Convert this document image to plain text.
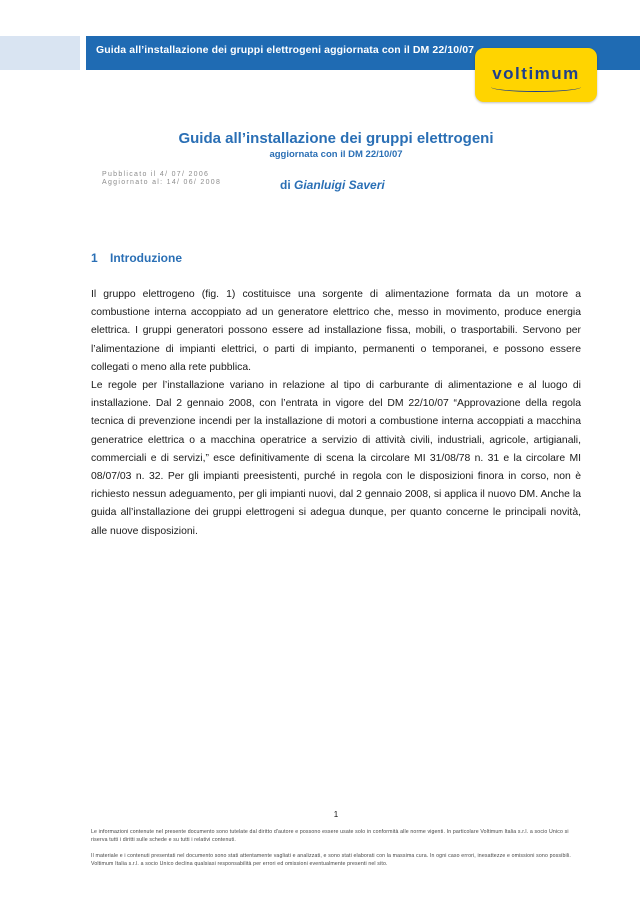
Guida all’installazione dei gruppi elettrogeni aggiornata con il DM 22/10/07
voltimum
Guida all’installazione dei gruppi elettrogeni
aggiornata con il DM 22/10/07
Pubblicato il 4/ 07/ 2006
Aggiornato al: 14/ 06/ 2008	di Gianluigi Saveri
1 Introduzione

Il gruppo elettrogeno (fig. 1) costituisce una sorgente di alimentazione formata da un motore a combustione interna accoppiato ad un generatore elettrico che, messo in movimento, produce energia elettrica. I gruppi generatori possono essere ad installazione fissa, mobili, o trasportabili. Servono per l’alimentazione di impianti elettrici, o parti di impianto, permanenti o temporanei, e possono essere collegati o meno alla rete pubblica.

Le regole per l’installazione variano in relazione al tipo di carburante di alimentazione e al luogo di installazione. Dal 2 gennaio 2008, con l’entrata in vigore del DM 22/10/07 “Approvazione della regola tecnica di prevenzione incendi per la installazione di motori a combustione interna accoppiati a macchina generatrice elettrica o a macchina operatrice a servizio di attività civili, industriali, agricole, artigianali, commerciali e di servizi,” esce definitivamente di scena la circolare MI 31/08/78 n. 31 e la circolare MI 08/07/03 n. 32. Per gli impianti preesistenti, purché in regola con le disposizioni finora in corso, non è richiesto nessun adeguamento, per gli impianti nuovi, dal 2 gennaio 2008, si applica il nuovo DM. Anche la guida all’installazione dei gruppi elettrogeni si adegua dunque, per quanto concerne le principali novità, alle nuove disposizioni.

1
Le informazioni contenute nel presente documento sono tutelate dal diritto d'autore e possono essere usate solo in conformità alle norme vigenti. In particolare Voltimum Italia s.r.l. a socio Unico si riserva tutti i diritti sulle schede e su tutti i relativi contenuti.
Il materiale e i contenuti presentati nel documento sono stati attentamente vagliati e analizzati, e sono stati elaborati con la massima cura. In ogni caso errori, inesattezze e omissioni sono possibili. Voltimum Italia s.r.l. a socio Unico declina qualsiasi responsabilità per errori ed omissioni eventualmente presenti nel sito.
